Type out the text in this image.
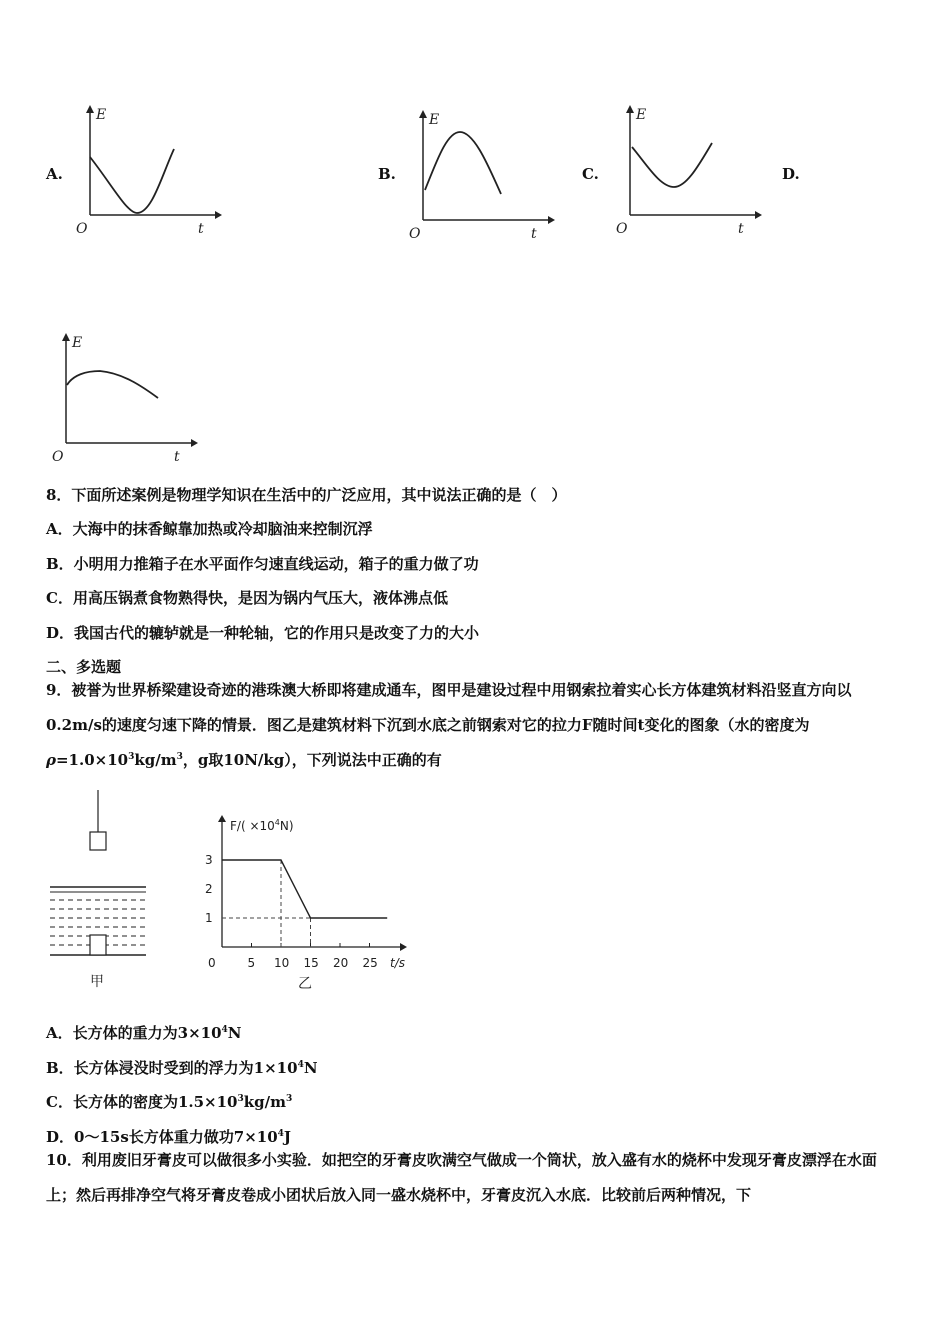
A.
E
O	t
B.
E
O	t
C.
E
O	t
D.
E
O	t
8．下面所述案例是物理学知识在生活中的广泛应用，其中说法正确的是（　）
A．大海中的抹香鲸靠加热或冷却脑油来控制沉浮
B．小明用力推箱子在水平面作匀速直线运动，箱子的重力做了功
C．用高压锅煮食物熟得快，是因为锅内气压大，液体沸点低
D．我国古代的辘轳就是一种轮轴，它的作用只是改变了力的大小
二、多选题
9．被誉为世界桥梁建设奇迹的港珠澳大桥即将建成通车，图甲是建设过程中用钢索拉着实心长方体建筑材料沿竖直方向以0.2m/s的速度匀速下降的情景．图乙是建筑材料下沉到水底之前钢索对它的拉力F随时间t变化的图象（水的密度为$\rho=1.0\times 10^3kg/m^3$，g取10N/kg），下列说法中正确的有
甲
$F/( \times 10^4N)$
t/s
0	5 10 15 20 25
1
2
3
乙
A．长方体的重力为$3\times 10^4N$
B．长方体浸没时受到的浮力为$1\times 10^4N$
C．长方体的密度为$1.5\times 10^3kg/m^3$
D．0～15s长方体重力做功$7\times 10^4J$
10．利用废旧牙膏皮可以做很多小实验．如把空的牙膏皮吹满空气做成一个筒状，放入盛有水的烧杯中发现牙膏皮漂浮在水面上；然后再排净空气将牙膏皮卷成小团状后放入同一盛水烧杯中，牙膏皮沉入水底．比较前后两种情况，下
